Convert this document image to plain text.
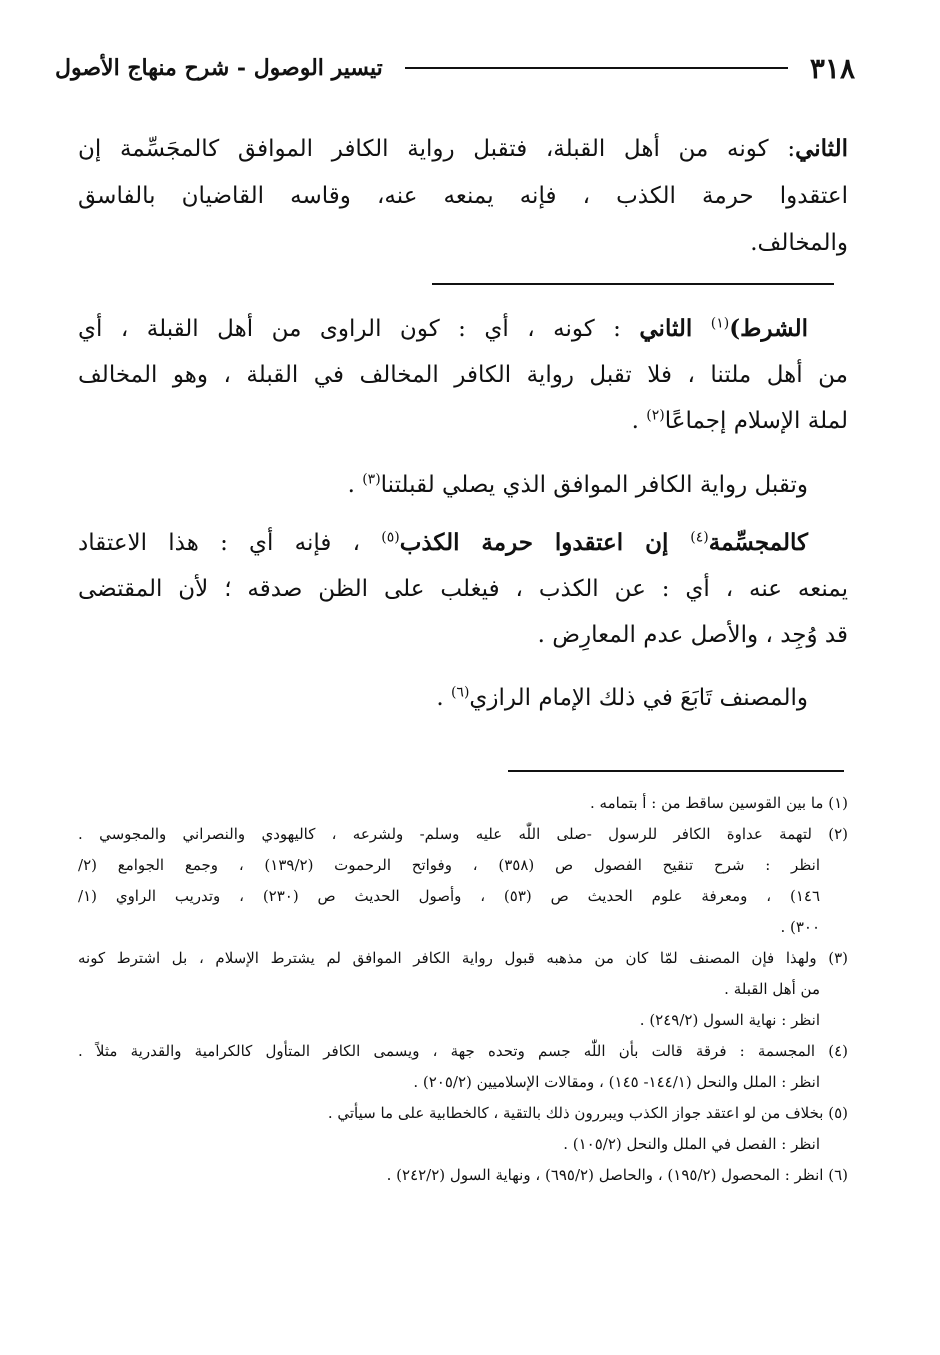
٣١٨
تيسير الوصول - شرح منهاج الأصول
الثاني: كونه من أهل القبلة، فتقبل رواية الكافر الموافق كالمجَسِّمة إن
اعتقدوا حرمة الكذب ، فإنه يمنعه عنه، وقاسه القاضيان بالفاسق
والمخالف.
الشرط)$^{(١)}$ الثاني : كونه ، أي : كون الراوى من أهل القبلة ، أي
من أهل ملتنا ، فلا تقبل رواية الكافر المخالف في القبلة ، وهو المخالف
لملة الإسلام إجماعًا$^{(٢)}$ .
وتقبل رواية الكافر الموافق الذي يصلي لقبلتنا$^{(٣)}$ .
كالمجسِّمة$^{(٤)}$ إن اعتقدوا حرمة الكذب$^{(٥)}$ ، فإنه أي : هذا الاعتقاد
يمنعه عنه ، أي : عن الكذب ، فيغلب على الظن صدقه ؛ لأن المقتضى
قد وُجِد ، والأصل عدم المعارِض .
والمصنف تَابَعَ في ذلك الإمام الرازي$^{(٦)}$ .
(١) ما بين القوسين ساقط من : أ بتمامه .
(٢) لتهمة عداوة الكافر للرسول -صلى اللّٰه عليه وسلم- ولشرعه ، كاليهودي والنصراني والمجوسي .
انظر : شرح تنقيح الفصول ص (٣٥٨) ، وفواتح الرحموت (١٣٩/٢) ، وجمع الجوامع (٢/
١٤٦) ، ومعرفة علوم الحديث ص (٥٣) ، وأصول الحديث ص (٢٣٠) ، وتدريب الراوي (١/
٣٠٠) .
(٣) ولهذا فإن المصنف لمّا كان من مذهبه قبول رواية الكافر الموافق لم يشترط الإسلام ، بل اشترط كونه
من أهل القبلة .
انظر : نهاية السول (٢٤٩/٢) .
(٤) المجسمة : فرقة قالت بأن اللّٰه جسم وتحده جهة ، ويسمى الكافر المتأول كالكرامية والقدرية مثلاً .
انظر : الملل والنحل (١٤٤/١- ١٤٥) ، ومقالات الإسلاميين (٢٠٥/٢) .
(٥) بخلاف من لو اعتقد جواز الكذب ويبررون ذلك بالتقية ، كالخطابية على ما سيأتي .
انظر : الفصل في الملل والنحل (١٠٥/٢) .
(٦) انظر : المحصول (١٩٥/٢) ، والحاصل (٦٩٥/٢) ، ونهاية السول (٢٤٢/٢) .
